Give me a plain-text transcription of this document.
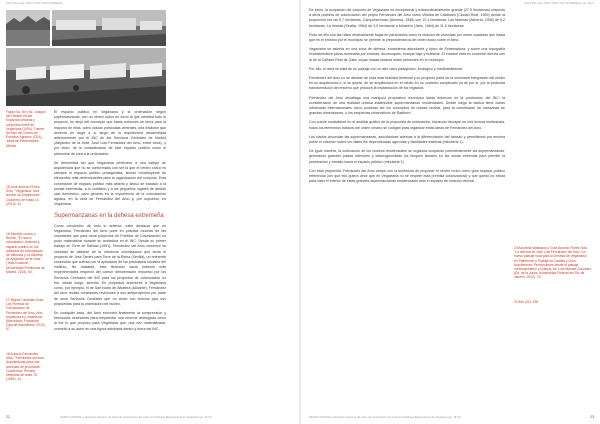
SAH | IDA | Arte, 2020 | ISSN | DOI 10.4995/EGA
Figura 5a, 5b y 5c. Joaquín del Palacio Kindel. Espacios urbanos y conjuntos torres de Vegaviana (1954). Fuente: Archivo del Centro de Estudios Agrarios (CEA). Junta de Extremadura, Mérida.
15 José Antonio Flores Soto, "Vegaviana. Una lección de Arquitectura", Cuaderno de notas 14 (2013): 31.
16 Estrella Lozano y Rueda, "El nuevo colonizador: vivienda y espacio público en los poblados de colonización de Valmuza y La Bazana de Alejandro de la Sota", (Tesis Doctoral, Universidad Politécnica de Madrid, 2015), 63.
17 Miguel Centellas Soler, Los Pueblos de Colonización de Fernández del Amo. Arte, arquitectura y urbanismo (Barcelona: Fundación Caja de Arquitectos, 2010), 57.
18 Antonio Fernández Alba, "Fernández del Amo. Arquitecturas para una sociedad de provincias". Cuadernos: Revista bimestral de artes 75 (1982): 41.

El espacio público en Vegaviana y la ordenación según supermanzanas, con un centro cívico en torno al que orbitaba todo el proyecto, se alejó del concepto que hasta entonces se tenía para la mayoría de ellos, como plazas porticadas centrales, una tradición que devenía en auge a lo largo de la arquitectura desarrollada anteriormente por el INC de los Servicios Centrales de Madrid (Alejandro de la Sota, José Luis Fernández del Amo, entre otros), y por tanto, de la consideración de este espacio público como el primordial de cara a la ordenación.

Se demuestra así que Vegaviana pertenece a una estirpe de arquitectura que no se conformaba con ser la que el centro cívico es siempre el espacio público protagonista, siendo constituyente de elementos más determinantes para la organización del conjunto. Esta concepción de espacio público más abierto y difuso se trasladó a la escala intermedia, a lo cotidiano y a los pequeños lugares de ámbito casi doméstico, para generar en la experiencia de la colonización agraria, en la obra de Fernández del Amo y, por supuesto, en Vegaviana.

Supermanzanas en la dehesa extremeña

Como conclusión de todo lo anterior, cabe destacar que en Vegaviana, Fernández del Amo pone en práctica muchas de las voluntades que para otros proyectos de Pueblos de Colonización no pudo materializar durante su andadura en el INC. Desde su primer trabajo en Torre de Salinas (1951), Fernández del Amo comenzó su voluntad de alejarse de la ortodoxia colonizadora que tenía el proyecto de José Tamés para Torre de la Reina (Sevilla), un referente construido que cuenta con la aplicación de los postulados iniciales del instituto. No obstante, este itinerario hacia órdenes más experimentales respecto del común denominador impuesto por los Servicios Centrales del INC para los proyectos de colonización no fue, desde luego, sencillo. En proyectos anteriores a Vegaviana como, por ejemplo, el de San Isidro de Albatera (Alicante), Fernández del Amo recibió constantes revisiones a sus anteproyectos por parte de unos Servicios Centrales que no veían con buenos ojos sus propuestas para la ordenación del núcleo.

En cualquier caso, del Amo encontró finalmente la comprensión y relevancia necesarias para emprender una enorme arriesgada como la fue lo que propuso para Vegaviana que, una vez materializada, convirtió a su autor en una figura admirada dentro y fuera del INC.

SETECU AVANCE | Laboratorio del lauro: El orden de conservación del suelo en la Dehesa Bastaratuenta de Vegaviana (pp. 18-27)
22
SAH | IDA | Arte, 2020 | ISSN | DOI 10.4995/EGA | pp. 18-27

De inicio, la ocupación del conjunto de Vegaviana es excepcional y extraordinariamente grande (27,5 hectáreas) respecto a otros pueblos de colonización del propio Fernández del Amo como Villalba de Calatrava (Ciudad Real, 1959) donde la proporción era las 5,7 hectáreas, Campohermoso (Almería, 1958) con 10,1 hectáreas, Las Marinas (Almería, 1958) de 6,2 hectáreas, La Vereda (Sevilla, 1964) de 3,9 hectáreas o Miraelrío (Jaén, 1964) de 11,5 hectáreas.

Fruto de ello son las ratios relativamente bajas en parámetros como la relación de viviendas por metro cuadrado que hasta que en el entorno por el municipio se permite la preponderancia del orden socio sobre el lleno.

Vegaviana se asienta en una zona de dehesa, ecosistema abundante y típico de Extremadura, y sobre una topografía ecosistemática plana-dominada por encinas, alcornoques, bosque bajo y matorral. El enclave está en conexión directa con la de la Cañada Real de Gata, cuyas masas todavía están presentes en el municipio.

Por ello, el área se trata de un paisaje con un alto valor paisajístico, ecológico y medioambiental.

Fernández del Amo no se abstrae de toda esta realidad territorial y su proyecto parte de la necesaria integración del medio en su arquitectura o, si se quiere, de su arquitectura en el medio en un contexto complicado ya de por sí, por la profunda transformación del entorno que produce la implantación de los regadíos.

Fernández del Amo desafiaga una manipuló propositivo novedosa hasta entonces en la producción del INC: la consideración de una realidad urbana inadmisible supermanzanas residenciales. Desde luego la táctica tiene claras influencias internacionales como pudieran ser los conceptos de unidad vecinal, para la constitución de manzanas de grandes dimensiones, o los esquemas urbanísticos de Radburn.

Con puede constatarse en el análisis gráfico de la propuesta de ordenación, haciendo hincapié en una lectura multiescala, todos los elementos básicos del orden urbano se codigan para organizar estas ideas de Fernández del Amo.

Los viarios circundan las supermanzanas, asociándose además a la diferenciación del tránsito y permitiendo por encima sobre el volumen sobre los viales los dependencias agrícolas y facilidades traseras (minuteria 1).

De igual manera, la ordenación de los núcleos residenciales se organiza ocupando perimetralmente las supermanzanas, generando grandes plazas interiores y desmogeneadas los bloques lineales en las zonas extremas para permitir la penetración y tránsito hacia el espacio público (minuteria 2).

Con esta propuesta, Fernández del Amo rompe con la tendencia de proponer el centro cívico como gran espacio público referencial (sin que ello quiera decir que en Vegaviana no se respete esta premisa colonizadora) y que quedó no exista para valor el interior de estas grandes supermanzanas residenciales todo el espacio de relación vecinal.

19 Azucena Maisiacoa y José Antonio Flores Soto. "La dehesa de José Luis Fernández del Amo. Un nuevo paisaje rural para la Dehesa de Vegaviana", en Patrimonio y Paisaje en Castilla y León, Arquitectura: Percepciones desde el paisaje contemporáneo y cultural, ed. Luis Manuel Gonzalez (Ed. de la Junta, Universidad Federal del Río de Janeiro, 2012), 23.
20 Ibid (31): 195.
SETECU AVANCE | Laboratorio del lauro: El orden de conservación del suelo en la Dehesa Bastaratuenta de Vegaviana (pp. 18-27)	23
